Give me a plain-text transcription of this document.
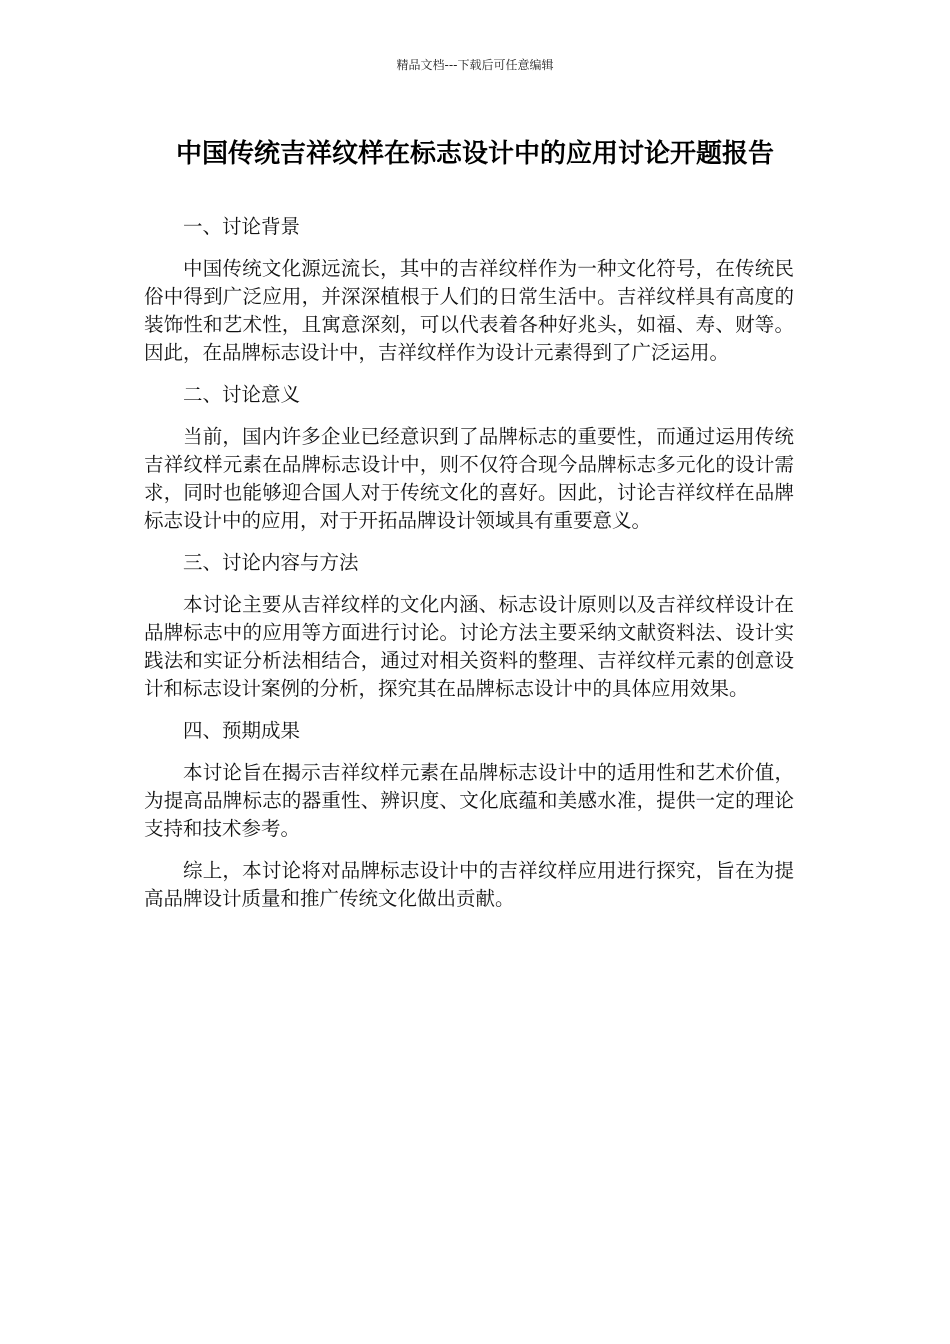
精品文档---下载后可任意编辑
中国传统吉祥纹样在标志设计中的应用讨论开题报告

一、讨论背景

中国传统文化源远流长，其中的吉祥纹样作为一种文化符号，在传统民俗中得到广泛应用，并深深植根于人们的日常生活中。吉祥纹样具有高度的装饰性和艺术性，且寓意深刻，可以代表着各种好兆头，如福、寿、财等。因此，在品牌标志设计中，吉祥纹样作为设计元素得到了广泛运用。

二、讨论意义

当前，国内许多企业已经意识到了品牌标志的重要性，而通过运用传统吉祥纹样元素在品牌标志设计中，则不仅符合现今品牌标志多元化的设计需求，同时也能够迎合国人对于传统文化的喜好。因此，讨论吉祥纹样在品牌标志设计中的应用，对于开拓品牌设计领域具有重要意义。

三、讨论内容与方法

本讨论主要从吉祥纹样的文化内涵、标志设计原则以及吉祥纹样设计在品牌标志中的应用等方面进行讨论。讨论方法主要采纳文献资料法、设计实践法和实证分析法相结合，通过对相关资料的整理、吉祥纹样元素的创意设计和标志设计案例的分析，探究其在品牌标志设计中的具体应用效果。

四、预期成果

本讨论旨在揭示吉祥纹样元素在品牌标志设计中的适用性和艺术价值，为提高品牌标志的器重性、辨识度、文化底蕴和美感水准，提供一定的理论支持和技术参考。

综上，本讨论将对品牌标志设计中的吉祥纹样应用进行探究，旨在为提高品牌设计质量和推广传统文化做出贡献。
